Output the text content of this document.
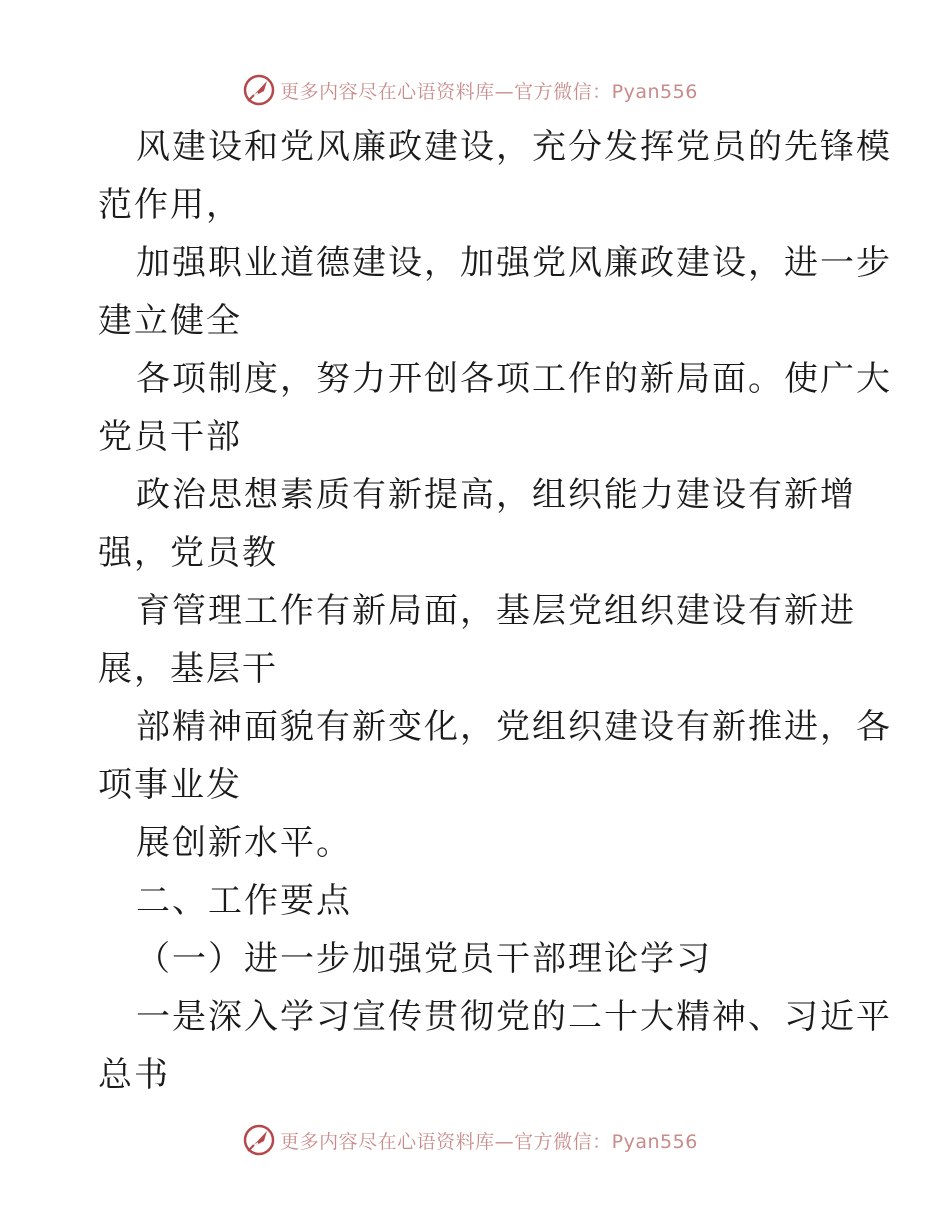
更多内容尽在心语资料库—官方微信：Pyan556
风建设和党风廉政建设，充分发挥党员的先锋模
范作用，
加强职业道德建设，加强党风廉政建设，进一步
建立健全
各项制度，努力开创各项工作的新局面。使广大
党员干部
政治思想素质有新提高，组织能力建设有新增
强，党员教
育管理工作有新局面，基层党组织建设有新进
展，基层干
部精神面貌有新变化，党组织建设有新推进，各
项事业发
展创新水平。
二、工作要点
（一）进一步加强党员干部理论学习
一是深入学习宣传贯彻党的二十大精神、习近平
总书
更多内容尽在心语资料库—官方微信：Pyan556
